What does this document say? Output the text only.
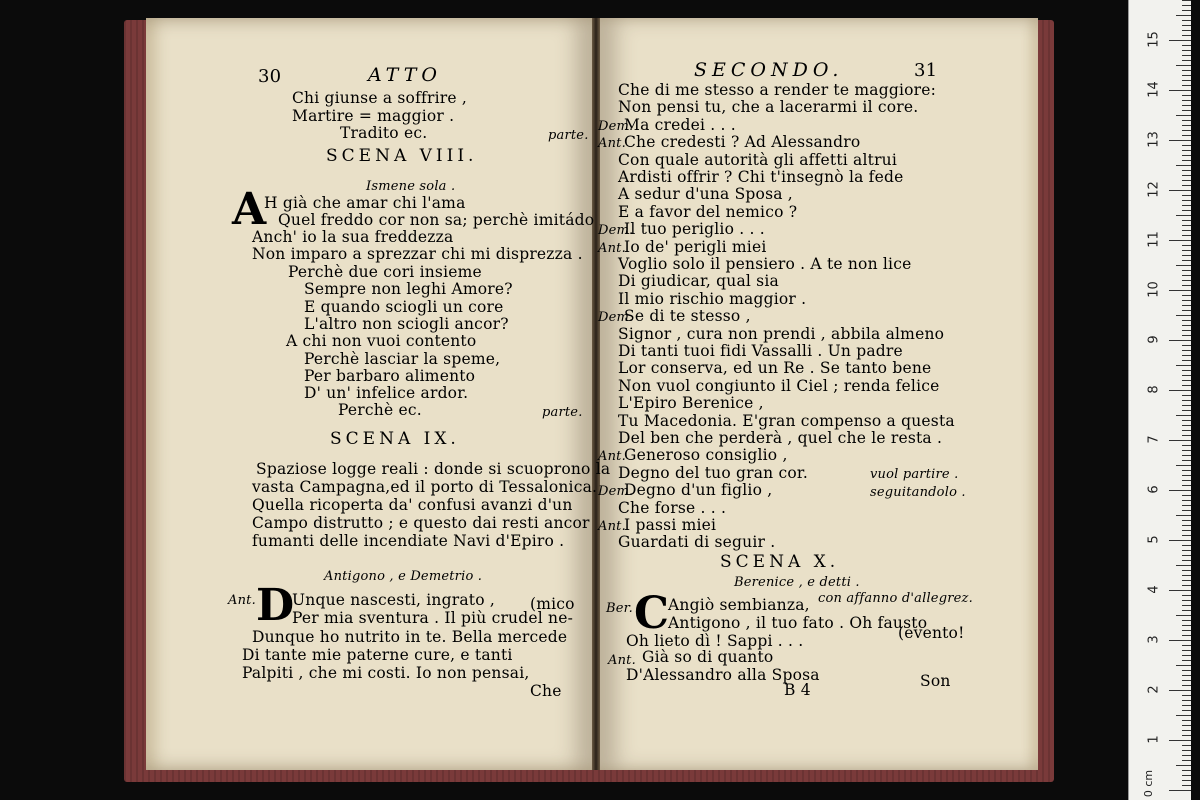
30	ATTO
Chi giunse a soffrire ,
Martire = maggior .
Tradito ec.	parte.
SCENA VIII.
Ismene sola .
A
H già che amar chi l'ama
Quel freddo cor non sa; perchè imitádo
Anch' io la sua freddezza
Non imparo a sprezzar chi mi disprezza .
Perchè due cori insieme
Sempre non leghi Amore?
E quando sciogli un core
L'altro non sciogli ancor?
A chi non vuoi contento
Perchè lasciar la speme,
Per barbaro alimento
D' un' infelice ardor.
Perchè ec.	parte.
SCENA IX.
Spaziose logge reali : donde si scuoprono la
vasta Campagna,ed il porto di Tessalonica.
Quella ricoperta da' confusi avanzi d'un
Campo distrutto ; e questo dai resti ancor
fumanti delle incendiate Navi d'Epiro .
Antigono , e Demetrio .
Ant. D
Unque nascesti, ingrato , (mico
Per mia sventura . Il più crudel ne-
Dunque ho nutrito in te. Bella mercede
Di tante mie paterne cure, e tanti
Palpiti , che mi costi. Io non pensai,
Che
SECONDO.	31
Che di me stesso a render te maggiore:
Non pensi tu, che a lacerarmi il core.
Dem.
Ma credei . . .
Ant.
Che credesti ? Ad Alessandro
Con quale autorità gli affetti altrui
Ardisti offrir ? Chi t'insegnò la fede
A sedur d'una Sposa ,
E a favor del nemico ?
Dem.
Il tuo periglio . . .
Ant.
Io de' perigli miei
Voglio solo il pensiero . A te non lice
Di giudicar, qual sia
Il mio rischio maggior .
Dem.
Se di te stesso ,
Signor , cura non prendi , abbila almeno
Di tanti tuoi fidi Vassalli . Un padre
Lor conserva, ed un Re . Se tanto bene
Non vuol congiunto il Ciel ; renda felice
L'Epiro Berenice ,
Tu Macedonia. E'gran compenso a questa
Del ben che perderà , quel che le resta .
Ant.
Generoso consiglio ,
Degno del tuo gran cor.
Dem.
Degno d'un figlio ,
Che forse . . .
Ant.
I passi miei
Guardati di seguir .
vuol partire .
seguitandolo .
SCENA X.
Berenice , e detti .
Ber. C
Angiò sembianza, con affanno d'allegrez.
Antigono , il tuo fato . Oh fausto
Oh lieto dì ! Sappi . . .	(evento!
Ant. Già so di quanto
D'Alessandro alla Sposa
B 4	Son
1
2
3
4
5
6
7
8
9
10
11
12
13
14
15
0 cm
